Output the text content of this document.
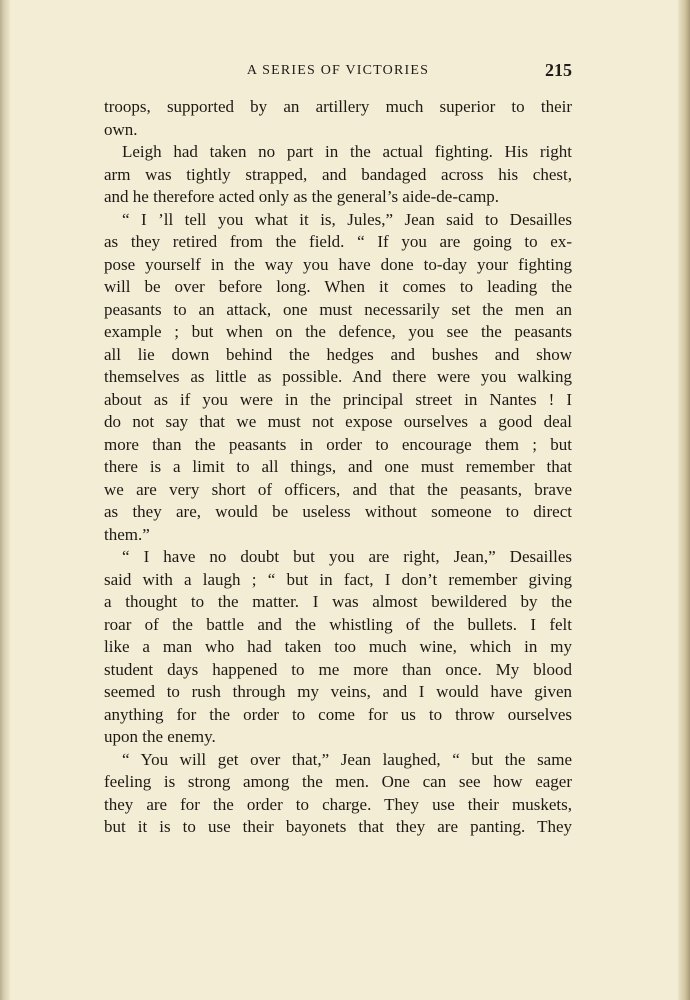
A SERIES OF VICTORIES	215
troops, supported by an artillery much superior to their
own.
Leigh had taken no part in the actual fighting. His right
arm was tightly strapped, and bandaged across his chest,
and he therefore acted only as the general’s aide-de-camp.
“ I ’ll tell you what it is, Jules,” Jean said to Desailles
as they retired from the field. “ If you are going to ex-
pose yourself in the way you have done to-day your fighting
will be over before long. When it comes to leading the
peasants to an attack, one must necessarily set the men an
example ; but when on the defence, you see the peasants
all lie down behind the hedges and bushes and show
themselves as little as possible. And there were you walking
about as if you were in the principal street in Nantes ! I
do not say that we must not expose ourselves a good deal
more than the peasants in order to encourage them ; but
there is a limit to all things, and one must remember that
we are very short of officers, and that the peasants, brave
as they are, would be useless without someone to direct
them.”
“ I have no doubt but you are right, Jean,” Desailles
said with a laugh ; “ but in fact, I don’t remember giving
a thought to the matter. I was almost bewildered by the
roar of the battle and the whistling of the bullets. I felt
like a man who had taken too much wine, which in my
student days happened to me more than once. My blood
seemed to rush through my veins, and I would have given
anything for the order to come for us to throw ourselves
upon the enemy.
“ You will get over that,” Jean laughed, “ but the same
feeling is strong among the men. One can see how eager
they are for the order to charge. They use their muskets,
but it is to use their bayonets that they are panting. They
